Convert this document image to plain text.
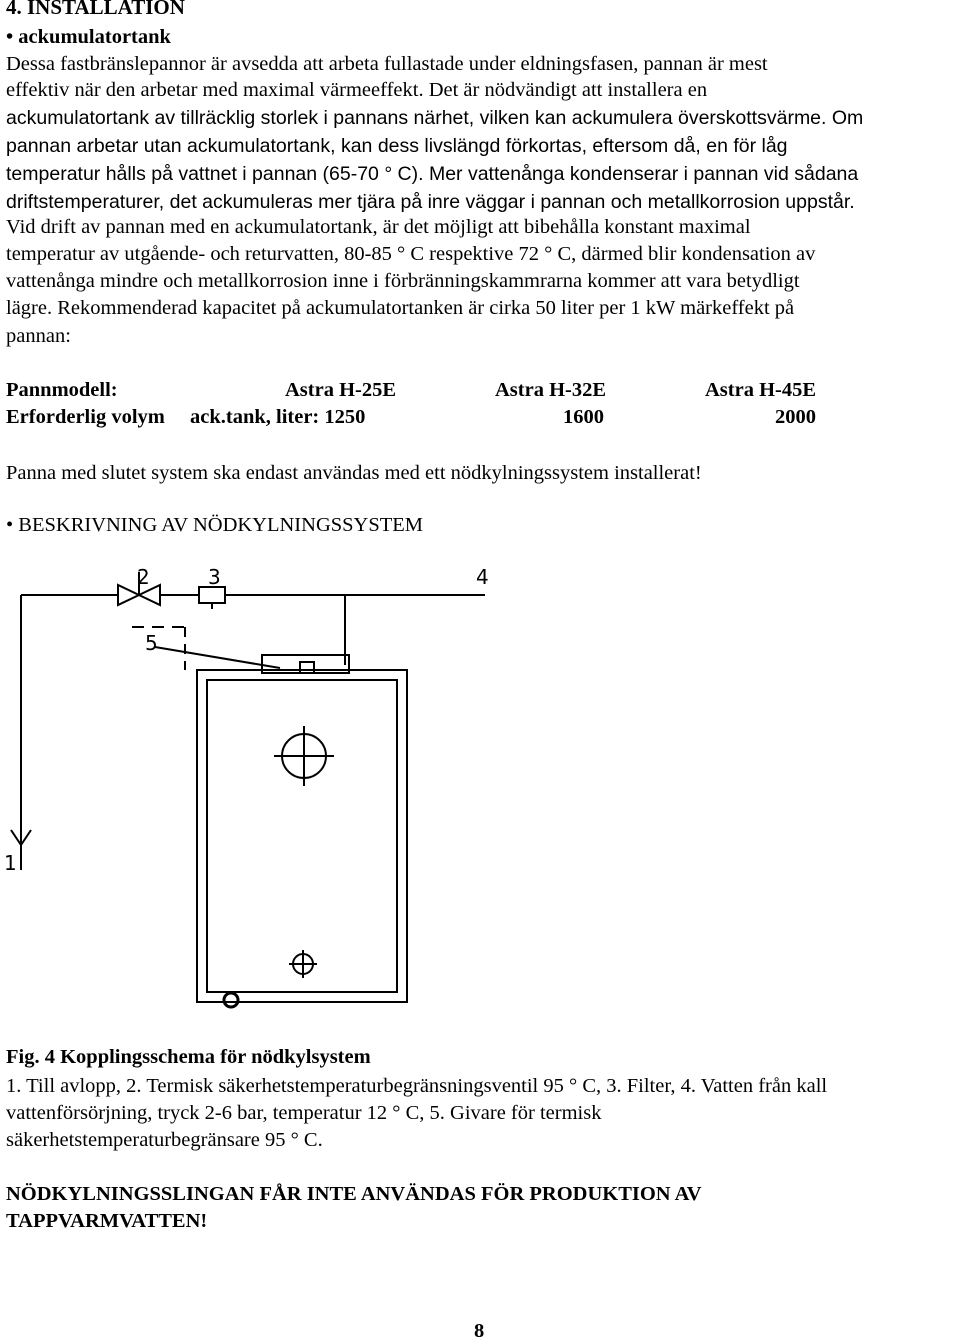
4. INSTALLATION
• ackumulatortank
Dessa fastbränslepannor är avsedda att arbeta fullastade under eldningsfasen, pannan är mest
effektiv när den arbetar med maximal värmeeffekt. Det är nödvändigt att installera en
ackumulatortank av tillräcklig storlek i pannans närhet, vilken kan ackumulera överskottsvärme. Om
pannan arbetar utan ackumulatortank, kan dess livslängd förkortas, eftersom då, en för låg
temperatur hålls på vattnet i pannan (65-70 ° C). Mer vattenånga kondenserar i pannan vid sådana
driftstemperaturer, det ackumuleras mer tjära på inre väggar i pannan och metallkorrosion uppstår.
Vid drift av pannan med en ackumulatortank, är det möjligt att bibehålla konstant maximal
temperatur av utgående- och returvatten, 80-85 ° C respektive 72 ° C, därmed blir kondensation av
vattenånga mindre och metallkorrosion inne i förbränningskammrarna kommer att vara betydligt
lägre. Rekommenderad kapacitet på ackumulatortanken är cirka 50 liter per 1 kW märkeffekt på
pannan:
Pannmodell:	Astra H-25E	Astra H-32E	Astra H-45E
Erforderlig volym ack.tank, liter: 1250	1600	2000
Panna med slutet system ska endast användas med ett nödkylningssystem installerat!
• BESKRIVNING AV NÖDKYLNINGSSYSTEM
1
2	3	4
5
Fig. 4 Kopplingsschema för nödkylsystem
1. Till avlopp, 2. Termisk säkerhetstemperaturbegränsningsventil 95 ° C, 3. Filter, 4. Vatten från kall
vattenförsörjning, tryck 2-6 bar, temperatur 12 ° C, 5. Givare för termisk
säkerhetstemperaturbegränsare 95 ° C.
NÖDKYLNINGSSLINGAN FÅR INTE ANVÄNDAS FÖR PRODUKTION AV
TAPPVARMVATTEN!
8
